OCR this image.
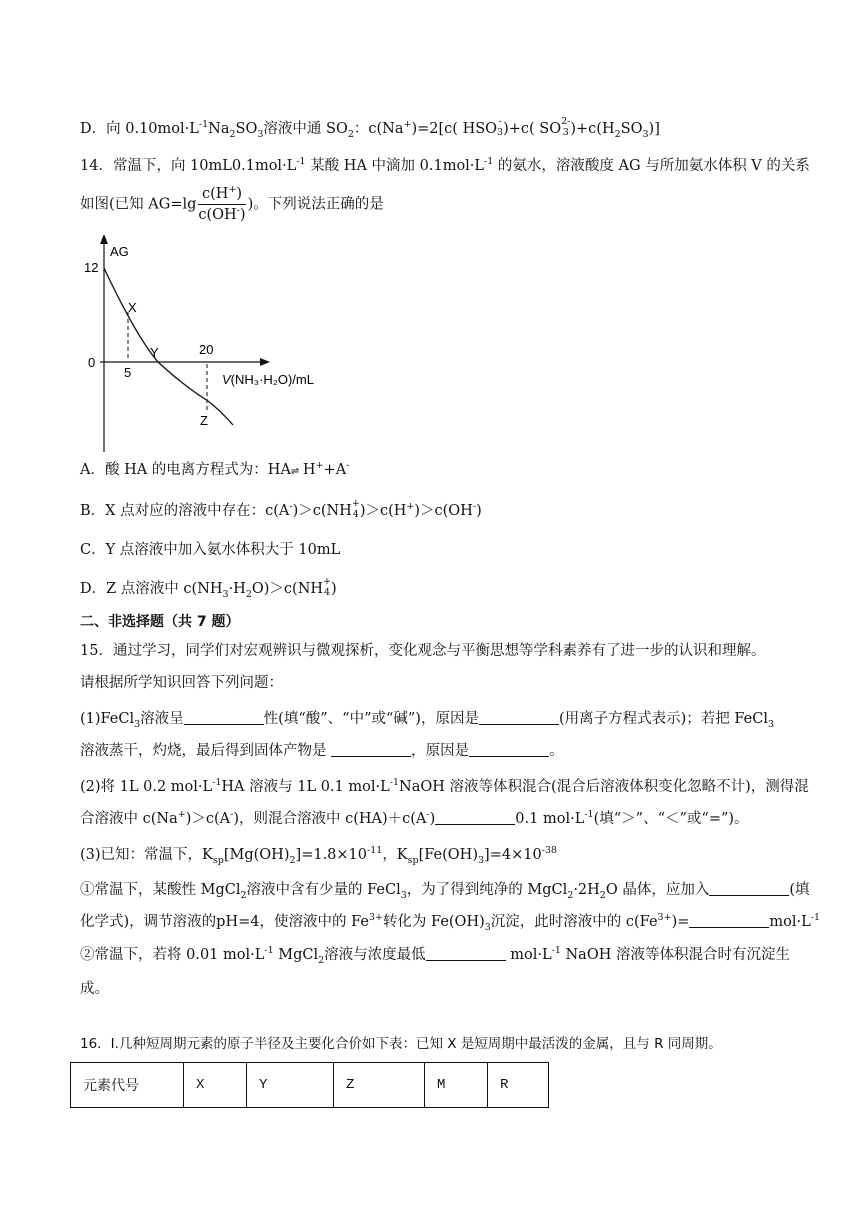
D．向 $0.10mol\cdot L^{-1}Na_2SO_3$溶液中通 $SO_2$：c(Na+)=2[c( HSO -
3 )+c( SO 2-
3 )$+c(H_2SO_3)$]
14．常温下，向 $10mL0.1mol\cdot L^{-1}$ 某酸 HA 中滴加 $0.1mol\cdot L^{-1}$ 的氨水，溶液酸度 AG 与所加氨水体积 V 的关系
如图(已知 $AG=\lg \frac{c(H^+)}{c(OH^-)}$ )。下列说法正确的是
AG
12
0
5
20
X
Y
Z
V(NH₃·H₂O)/mL
A．酸 HA 的电离方程式为：HA⇌ H++A-
B．X 点对应的溶液中存在：c(A-)＞c(NH +
4 )＞c(H+)＞c(OH-)
C．Y 点溶液中加入氨水体积大于 10mL
D．Z 点溶液中 $c(NH_3\cdot H_2O)>c(NH$ +
4 )
二、非选择题（共 7 题）
15．通过学习，同学们对宏观辨识与微观探析，变化观念与平衡思想等学科素养有了进一步的认识和理解。
请根据所学知识回答下列问题：
(1)FeCl$_3$溶液呈	性(填“酸”、“中”或“碱”)，原因是	(用离子方程式表示)；若把 FeCl$_3$
溶液蒸干，灼烧，最后得到固体产物是	，原因是	。
(2)将 1L 0.2 $mol\cdot L^{-1}HA$ 溶液与 1L 0.1 $mol\cdot L^{-1}NaOH$ 溶液等体积混合(混合后溶液体积变化忽略不计)，测得混
合溶液中 c(Na+)＞c(A-)，则混合溶液中 c(HA)＋c(A-)	0.1 $mol\cdot L^{-1}$(填“＞”、“＜”或“=”)。
(3)已知：常温下，$K_{sp}[Mg(OH)_2]=1.8\times 10^{-11}$，$K_{sp}[Fe(OH)_3]=4\times 10^{-38}$
①常温下，某酸性 MgCl$_2$溶液中含有少量的 FeCl$_3$，为了得到纯净的 $MgCl_2\cdot 2H_2O$ 晶体，应加入	(填
化学式)，调节溶液的pH=4，使溶液中的 $Fe^{3+}$转化为 $Fe(OH)_3$沉淀，此时溶液中的 $c(Fe^{3+})=$	$mol\cdot L^{-1}$
②常温下，若将 0.01 $mol\cdot L^{-1}$ MgCl$_2$溶液与浓度最低	$mol\cdot L^{-1}$ NaOH 溶液等体积混合时有沉淀生
成。
16．Ⅰ.几种短周期元素的原子半径及主要化合价如下表：已知 X 是短周期中最活泼的金属，且与 R 同周期。
元素代号	X	Y	Z	M	R
